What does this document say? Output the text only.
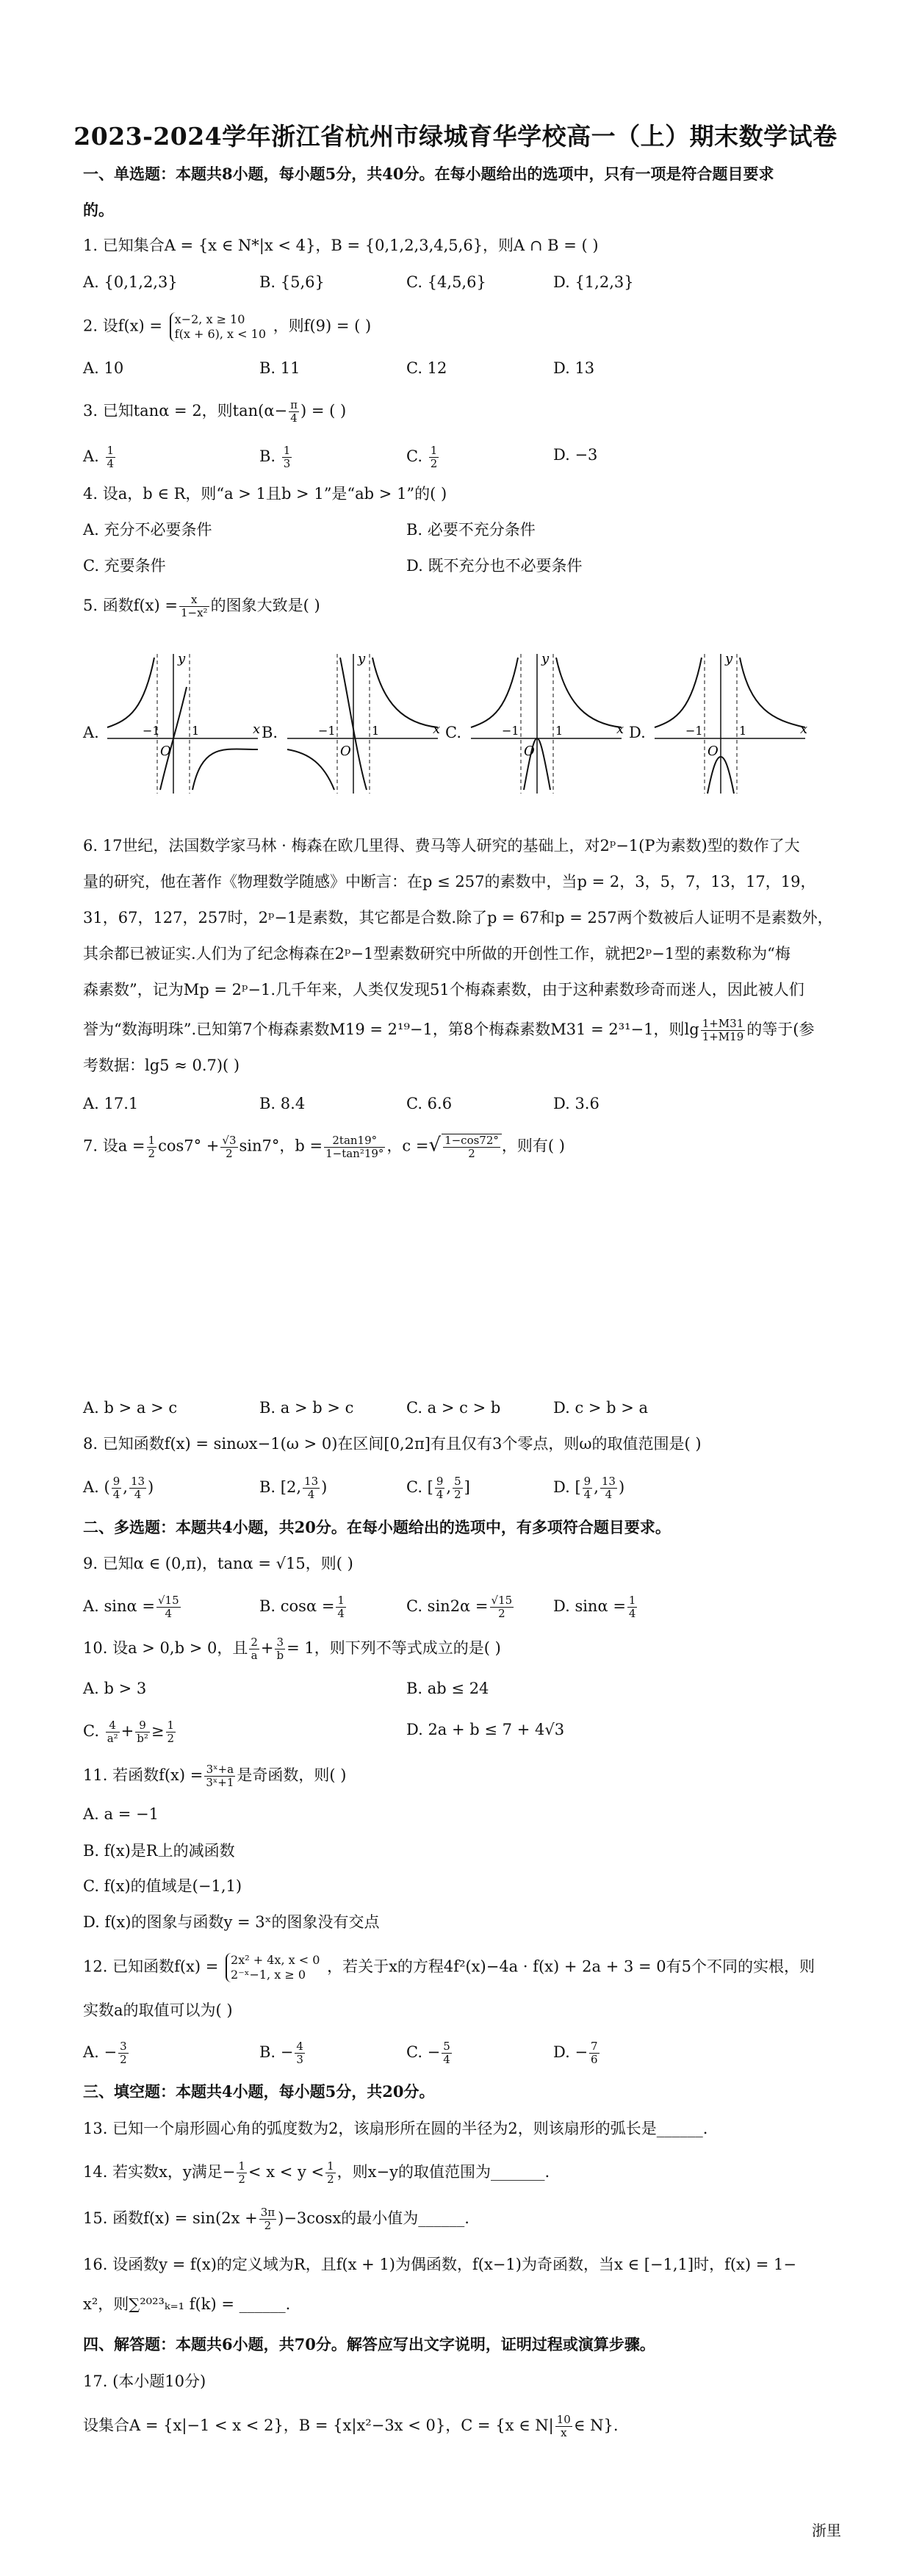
2023-2024学年浙江省杭州市绿城育华学校高一（上）期末数学试卷
一、单选题：本题共8小题，每小题5分，共40分。在每小题给出的选项中，只有一项是符合题目要求
的。
1. 已知集合A = {x ∈ N*|x < 4}，B = {0,1,2,3,4,5,6}，则A ∩ B = ( )
A. {0,1,2,3}	B. {5,6}	C. {4,5,6}	D. {1,2,3}
2. 设f(x) = x−2, x ≥ 10
f(x + 6), x < 10 ，则f(9) = ( )
A. 10	B. 11	C. 12	D. 13
3. 已知tanα = 2，则$\tan(\alpha- \frac{\pi}{4}$ ) = ( )
A. $\frac{1}{4}$	B. $\frac{1}{3}$	C. $\frac{1}{2}$	D. −3
4. 设a，b ∈ R，则“a > 1且b > 1”是“ab > 1”的( )
A. 充分不必要条件	B. 必要不充分条件
C. 充要条件	D. 既不充分也不必要条件
5. 函数$f(x) = \frac{x}{\text{1−x²}}$ 的图象大致是( )
A.	B.	C.	D.
y
x
O
−1	1
y
x
O
−1	1
y
x
O
−1	1
y
x
O
−1	1
6. 17世纪，法国数学家马林 · 梅森在欧几里得、费马等人研究的基础上，对2ᵖ−1(P为素数)型的数作了大
量的研究，他在著作《物理数学随感》中断言：在p ≤ 257的素数中，当p = 2，3，5，7，13，17，19，
31，67，127，257时，2ᵖ−1是素数，其它都是合数.除了p = 67和p = 257两个数被后人证明不是素数外，
其余都已被证实.人们为了纪念梅森在2ᵖ−1型素数研究中所做的开创性工作，就把2ᵖ−1型的素数称为“梅
森素数”，记为Mp = 2ᵖ−1.几千年来，人类仅发现51个梅森素数，由于这种素数珍奇而迷人，因此被人们
誉为“数海明珠”.已知第7个梅森素数M19 = 2¹⁹−1，第8个梅森素数M31 = 2³¹−1，则$\lg \frac{1+M31}{1+M19}$ 的等于(参
考数据：lg5 ≈ 0.7)( )
A. 17.1	B. 8.4	C. 6.6	D. 3.6
7. 设$a = \frac{1}{2} \cos 7^\circ + \frac{√3}{2} \sin 7^\circ$，$b = \frac{2\tan 19^\circ}{\text{1−tan²19°}}$ ，c =√ $\frac{1-\cos 72^\circ}{2}$ ，则有( )
A. b > a > c	B. a > b > c	C. a > c > b	D. c > b > a
8. 已知函数f(x) = sinωx−1(ω > 0)在区间[0,2π]有且仅有3个零点，则ω的取值范围是( )
A. ( $\frac{9}{4}$ , $\frac{13}{4}$ )	B. [2, $\frac{13}{4}$ )	C. [ $\frac{9}{4}$ , $\frac{5}{2}$ ]	D. [ $\frac{9}{4}$ , $\frac{13}{4}$ )
二、多选题：本题共4小题，共20分。在每小题给出的选项中，有多项符合题目要求。
9. 已知α ∈ (0,π)，tanα = √15，则( )
A. $\sin\alpha = \frac{√15}{4}$	B. $\cos\alpha = \frac{1}{4}$	C. $\sin 2\alpha = \frac{√15}{2}$	D. $\sin\alpha = \frac{1}{4}$
10. 设a > 0,b > 0，且 $\frac{2}{a} + \frac{3}{b} = 1$，则下列不等式成立的是( )
A. b > 3	B. ab ≤ 24
C. $\frac{4}{\text{a²}} + \frac{9}{\text{b²}} \ge \frac{1}{2}$	D. 2a + b ≤ 7 + 4√3
11. 若函数$f(x) = \frac{\text{3ˣ+a}}{\text{3ˣ+1}}$ 是奇函数，则( )
A. a = −1
B. f(x)是R上的减函数
C. f(x)的值域是(−1,1)
D. f(x)的图象与函数y = 3ˣ的图象没有交点
12. 已知函数f(x) = 2x² + 4x, x < 0
2⁻ˣ−1, x ≥ 0	，若关于x的方程4f²(x)−4a · f(x) + 2a + 3 = 0有5个不同的实根，则
实数a的取值可以为( )
A. − $\frac{3}{2}$	B. − $\frac{4}{3}$	C. − $\frac{5}{4}$	D. − $\frac{7}{6}$
三、填空题：本题共4小题，每小题5分，共20分。
13. 已知一个扇形圆心角的弧度数为2，该扇形所在圆的半径为2，则该扇形的弧长是______.
14. 若实数x，y满足− $\frac{1}{2} < x < y < \frac{1}{2}$ ，则x−y的取值范围为_______.
15. 函数$f(x) = \sin(2x + \frac{3\pi}{2} )-3\cos x$的最小值为______.
16. 设函数y = f(x)的定义域为R，且f(x + 1)为偶函数，f(x−1)为奇函数，当x ∈ [−1,1]时，f(x) = 1−
x²，则∑²⁰²³ₖ₌₁ f(k) = ______.
四、解答题：本题共6小题，共70分。解答应写出文字说明，证明过程或演算步骤。
17. (本小题10分)
设集合A = {x|−1 < x < 2}，B = {x|x²−3x < 0}，C = {x ∈ $N| \frac{10}{x}$ ∈ N}.
浙里
